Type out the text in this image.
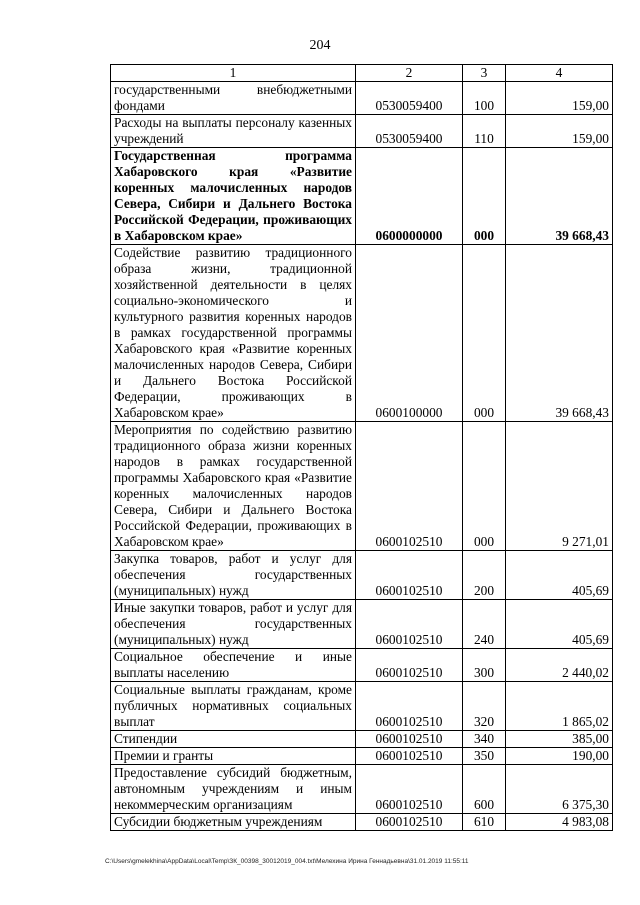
204
1	2	3	4
государственными внебюджетными фондами	0530059400	100	159,00
Расходы на выплаты персоналу казенных учреждений	0530059400	110	159,00
Государственная программа Хабаровского края «Развитие коренных малочисленных народов Севера, Сибири и Дальнего Востока Российской Федерации, проживающих в Хабаровском крае»	0600000000	000	39 668,43
Содействие развитию традиционного образа жизни, традиционной хозяйственной деятельности в целях социально-экономического и культурного развития коренных народов в рамках государственной программы Хабаровского края «Развитие коренных малочисленных народов Севера, Сибири и Дальнего Востока Российской Федерации, проживающих в Хабаровском крае»	0600100000	000	39 668,43
Мероприятия по содействию развитию традиционного образа жизни коренных народов в рамках государственной программы Хабаровского края «Развитие коренных малочисленных народов Севера, Сибири и Дальнего Востока Российской Федерации, проживающих в Хабаровском крае»	0600102510	000	9 271,01
Закупка товаров, работ и услуг для обеспечения государственных (муниципальных) нужд	0600102510	200	405,69
Иные закупки товаров, работ и услуг для обеспечения государственных (муниципальных) нужд	0600102510	240	405,69
Социальное обеспечение и иные выплаты населению	0600102510	300	2 440,02
Социальные выплаты гражданам, кроме публичных нормативных социальных выплат	0600102510	320	1 865,02
Стипендии	0600102510	340	385,00
Премии и гранты	0600102510	350	190,00
Предоставление субсидий бюджетным, автономным учреждениям и иным некоммерческим организациям	0600102510	600	6 375,30
Субсидии бюджетным учреждениям	0600102510	610	4 983,08
C:\Users\gmelekhina\AppData\Local\Temp\ЗК_00398_30012019_004.txt\Мелехина Ирина Геннадьевна\31.01.2019 11:55:11
